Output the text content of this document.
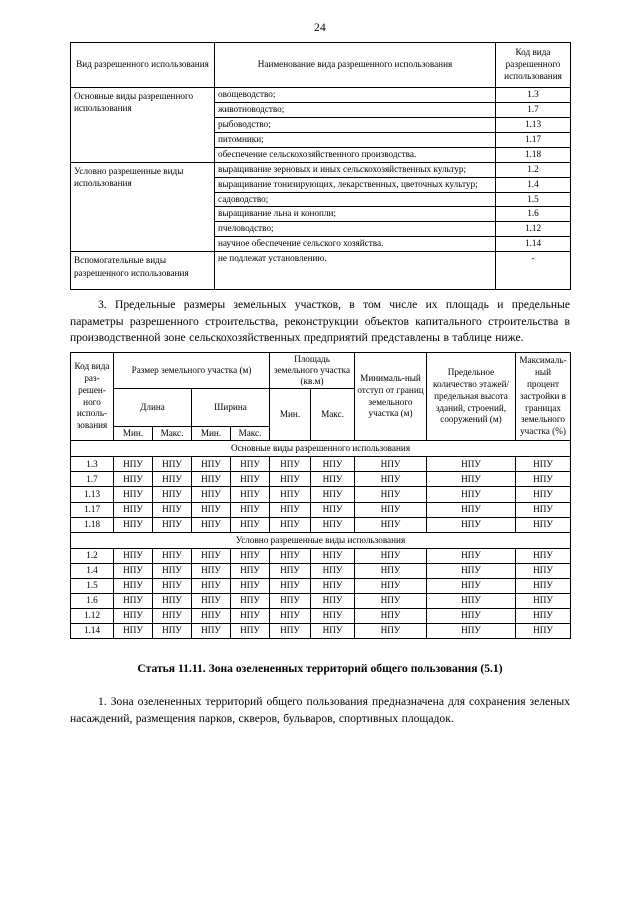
24
Вид разрешенного использования	Наименование вида разрешенного использования	Код вида разрешенного использования
Основные виды разрешенного использования	овощеводство;	1.3
	животноводство;	1.7
	рыбоводство;	1.13
	питомники;	1.17
	обеспечение сельскохозяйственного производства.	1.18
Условно разрешенные виды использования	выращивание зерновых и иных сельскохозяйственных культур;	1.2
	выращивание тонизирующих, лекарственных, цветочных культур;	1.4
	садоводство;	1.5
	выращивание льна и конопли;	1.6
	пчеловодство;	1.12
	научное обеспечение сельского хозяйства.	1.14
Вспомогательные виды разрешенного использования	не подлежат установлению.	-

3. Предельные размеры земельных участков, в том числе их площадь и предельные параметры разрешенного строительства, реконструкции объектов капитального строительства в производственной зоне сельскохозяйственных предприятий представлены в таблице ниже.

Код вида раз-решен-ного исполь-зования	Размер земельного участка (м)				Площадь земельного участка (кв.м)		Минималь-ный отступ от границ земельного участка (м)	Предельное количество этажей/ предельная высота зданий, строений, сооружений (м)	Максималь-ный процент застройки в границах земельного участка (%)
	Длина		Ширина		Мин.	Макс.			
	Мин.	Макс.	Мин.	Макс.					
Основные виды разрешенного использования									
1.3	НПУ	НПУ	НПУ	НПУ	НПУ	НПУ	НПУ	НПУ	НПУ
1.7	НПУ	НПУ	НПУ	НПУ	НПУ	НПУ	НПУ	НПУ	НПУ
1.13	НПУ	НПУ	НПУ	НПУ	НПУ	НПУ	НПУ	НПУ	НПУ
1.17	НПУ	НПУ	НПУ	НПУ	НПУ	НПУ	НПУ	НПУ	НПУ
1.18	НПУ	НПУ	НПУ	НПУ	НПУ	НПУ	НПУ	НПУ	НПУ
Условно разрешенные виды использования									
1.2	НПУ	НПУ	НПУ	НПУ	НПУ	НПУ	НПУ	НПУ	НПУ
1.4	НПУ	НПУ	НПУ	НПУ	НПУ	НПУ	НПУ	НПУ	НПУ
1.5	НПУ	НПУ	НПУ	НПУ	НПУ	НПУ	НПУ	НПУ	НПУ
1.6	НПУ	НПУ	НПУ	НПУ	НПУ	НПУ	НПУ	НПУ	НПУ
1.12	НПУ	НПУ	НПУ	НПУ	НПУ	НПУ	НПУ	НПУ	НПУ
1.14	НПУ	НПУ	НПУ	НПУ	НПУ	НПУ	НПУ	НПУ	НПУ
Статья 11.11. Зона озелененных территорий общего пользования (5.1)

1. Зона озелененных территорий общего пользования предназначена для сохранения зеленых насаждений, размещения парков, скверов, бульваров, спортивных площадок.
